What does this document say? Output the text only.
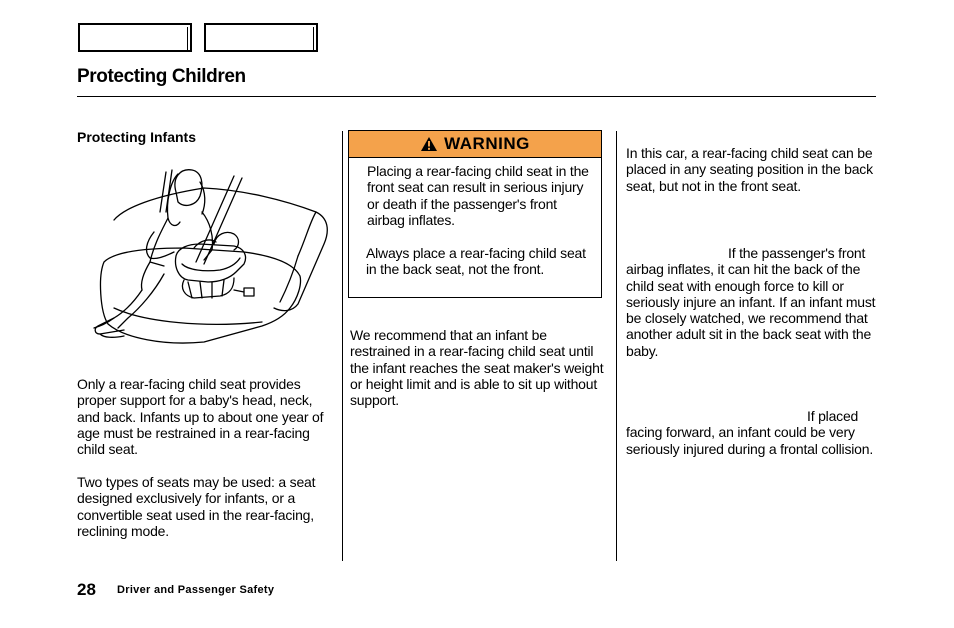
Protecting Children
Protecting Infants

Only a rear-facing child seat provides proper support for a baby's head, neck, and back. Infants up to about one year of age must be restrained in a rear-facing child seat.

Two types of seats may be used: a seat designed exclusively for infants, or a convertible seat used in the rear-facing, reclining mode.

WARNING

Placing a rear-facing child seat in the front seat can result in serious injury or death if the passenger's front airbag inflates.

Always place a rear-facing child seat in the back seat, not the front.

We recommend that an infant be restrained in a rear-facing child seat until the infant reaches the seat maker's weight or height limit and is able to sit up without support.

In this car, a rear-facing child seat can be placed in any seating position in the back seat, but not in the front seat.

If the passenger's front airbag inflates, it can hit the back of the child seat with enough force to kill or seriously injure an infant. If an infant must be closely watched, we recommend that another adult sit in the back seat with the baby.

If placed facing forward, an infant could be very seriously injured during a frontal collision.

28 Driver and Passenger Safety
